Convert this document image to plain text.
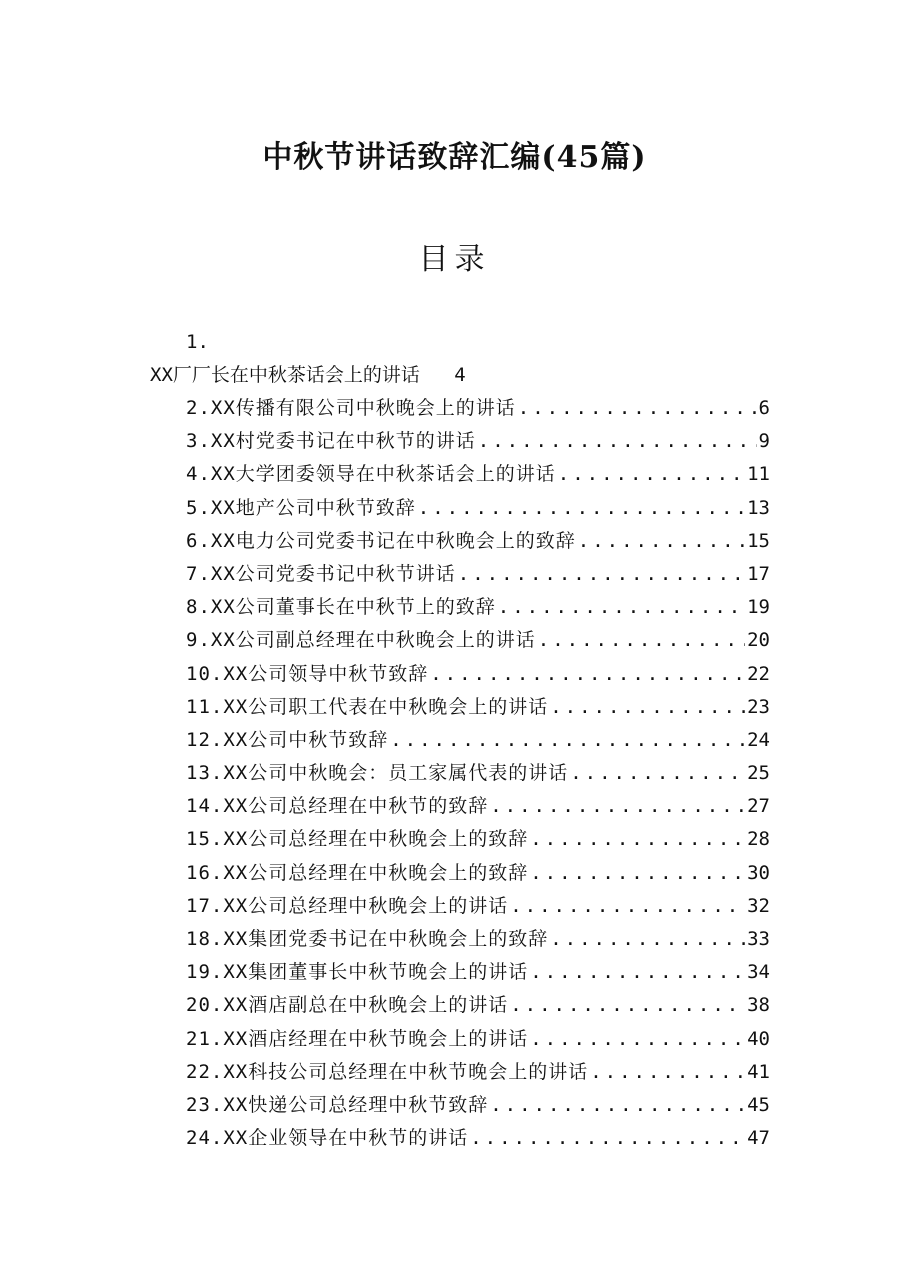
中秋节讲话致辞汇编(45篇)
目录
1.
XX厂厂长在中秋茶话会上的讲话 4
2.XX传播有限公司中秋晚会上的讲话 .....	6
3.XX村党委书记在中秋节的讲话 .....	9
4.XX大学团委领导在中秋茶话会上的讲话 .....	11
5.XX地产公司中秋节致辞 .....	13
6.XX电力公司党委书记在中秋晚会上的致辞 .....	15
7.XX公司党委书记中秋节讲话 .....	17
8.XX公司董事长在中秋节上的致辞 .....	19
9.XX公司副总经理在中秋晚会上的讲话 .....	20
10.XX公司领导中秋节致辞 .....	22
11.XX公司职工代表在中秋晚会上的讲话 .....	23
12.XX公司中秋节致辞 .....	24
13.XX公司中秋晚会：员工家属代表的讲话 .....	25
14.XX公司总经理在中秋节的致辞 .....	27
15.XX公司总经理在中秋晚会上的致辞 .....	28
16.XX公司总经理在中秋晚会上的致辞 .....	30
17.XX公司总经理中秋晚会上的讲话 .....	32
18.XX集团党委书记在中秋晚会上的致辞 .....	33
19.XX集团董事长中秋节晚会上的讲话 .....	34
20.XX酒店副总在中秋晚会上的讲话 .....	38
21.XX酒店经理在中秋节晚会上的讲话 .....	40
22.XX科技公司总经理在中秋节晚会上的讲话 .....	41
23.XX快递公司总经理中秋节致辞 .....	45
24.XX企业领导在中秋节的讲话 .....	47
